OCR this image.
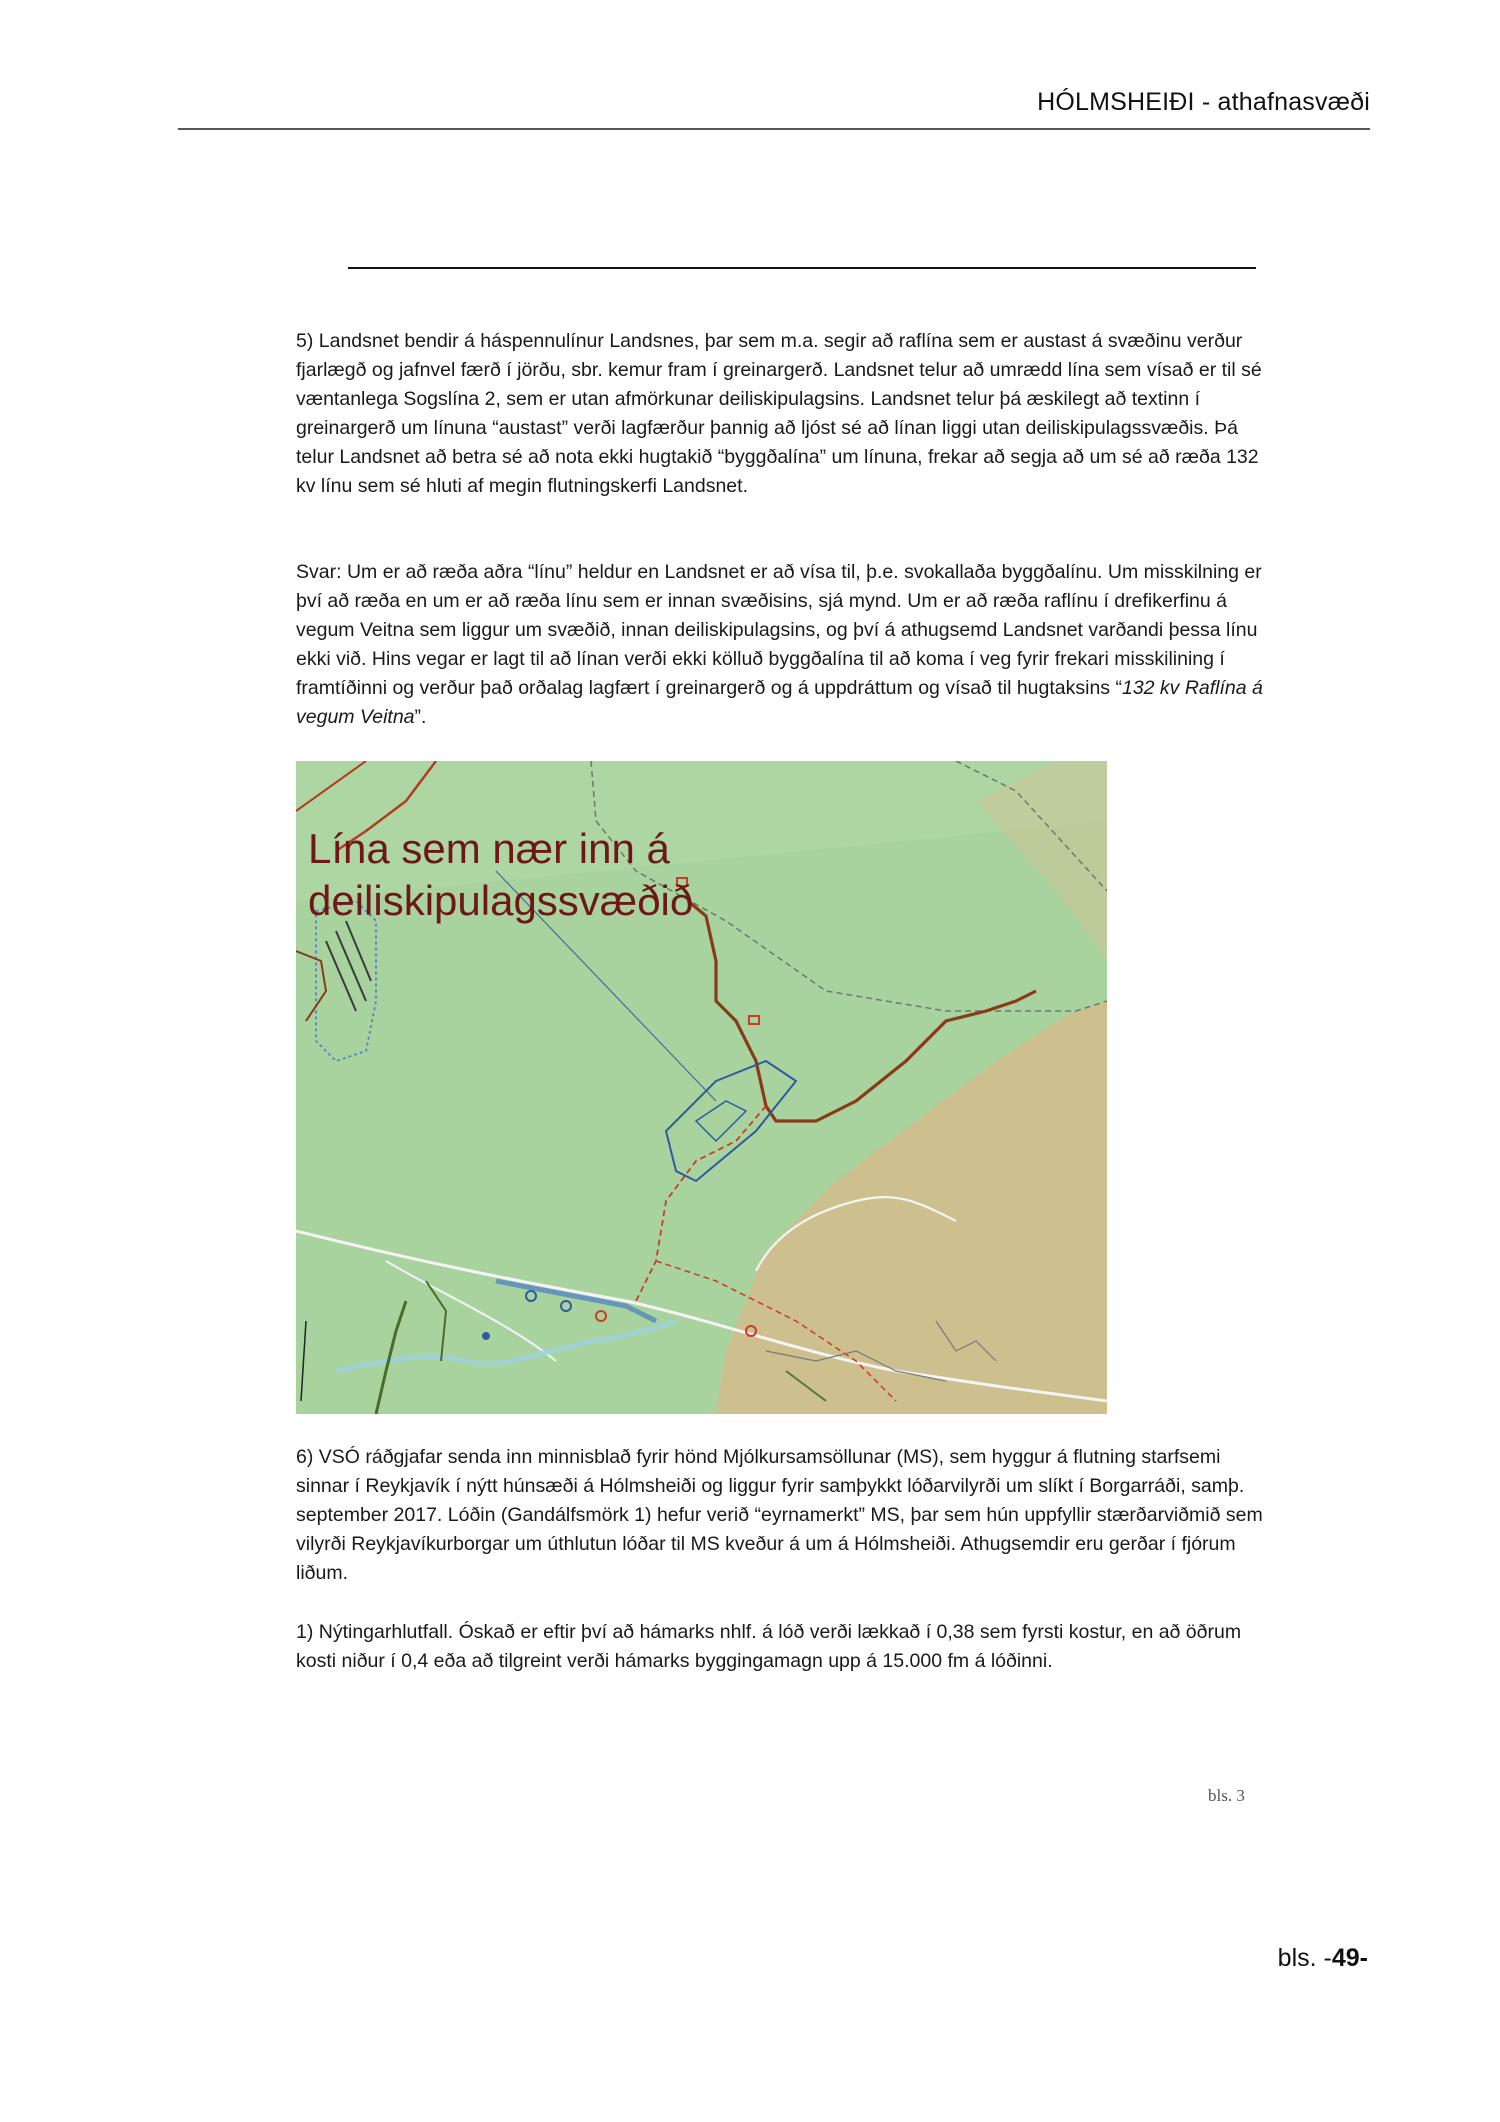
HÓLMSHEIÐI - athafnasvæði

5) Landsnet bendir á háspennulínur Landsnes, þar sem m.a. segir að raflína sem er austast á svæðinu verður fjarlægð og jafnvel færð í jörðu, sbr. kemur fram í greinargerð. Landsnet telur að umrædd lína sem vísað er til sé væntanlega Sogslína 2, sem er utan afmörkunar deiliskipulagsins. Landsnet telur þá æskilegt að textinn í greinargerð um línuna “austast” verði lagfærður þannig að ljóst sé að línan liggi utan deiliskipulagssvæðis. Þá telur Landsnet að betra sé að nota ekki hugtakið “byggðalína” um línuna, frekar að segja að um sé að ræða 132 kv línu sem sé hluti af megin flutningskerfi Landsnet.

Svar: Um er að ræða aðra “línu” heldur en Landsnet er að vísa til, þ.e. svokallaða byggðalínu. Um misskilning er því að ræða en um er að ræða línu sem er innan svæðisins, sjá mynd. Um er að ræða raflínu í drefikerfinu á vegum Veitna sem liggur um svæðið, innan deiliskipulagsins, og því á athugsemd Landsnet varðandi þessa línu ekki við. Hins vegar er lagt til að línan verði ekki kölluð byggðalína til að koma í veg fyrir frekari misskilining í framtíðinni og verður það orðalag lagfært í greinargerð og á uppdráttum og vísað til hugtaksins “132 kv Raflína á vegum Veitna”.

Lína sem nær inn á
deiliskipulagssvæðið

6) VSÓ ráðgjafar senda inn minnisblað fyrir hönd Mjólkursamsöllunar (MS), sem hyggur á flutning starfsemi sinnar í Reykjavík í nýtt húnsæði á Hólmsheiði og liggur fyrir samþykkt lóðarvilyrði um slíkt í Borgarráði, samþ. september 2017. Lóðin (Gandálfsmörk 1) hefur verið “eyrnamerkt” MS, þar sem hún uppfyllir stærðarviðmið sem vilyrði Reykjavíkurborgar um úthlutun lóðar til MS kveður á um á Hólmsheiði. Athugsemdir eru gerðar í fjórum liðum.

1) Nýtingarhlutfall. Óskað er eftir því að hámarks nhlf. á lóð verði lækkað í 0,38 sem fyrsti kostur, en að öðrum kosti niður í 0,4 eða að tilgreint verði hámarks byggingamagn upp á 15.000 fm á lóðinni.

bls. 3
bls. -49-
